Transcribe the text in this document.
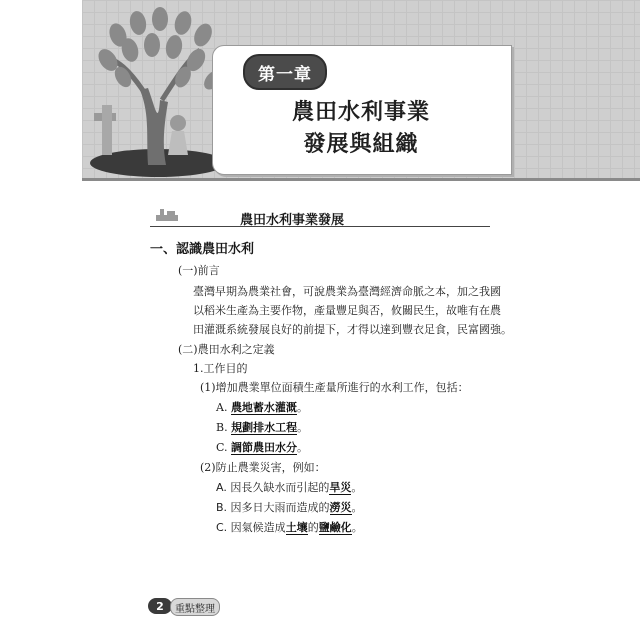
第一章
農田水利事業
發展與組織
農田水利事業發展
一、認識農田水利
(一)前言
臺灣早期為農業社會，可說農業為臺灣經濟命脈之本，加之我國
以稻米生產為主要作物，產量豐足與否，攸關民生，故唯有在農
田灌溉系統發展良好的前提下，才得以達到豐衣足食，民富國強。
(二)農田水利之定義
1.工作目的
(1)增加農業單位面積生產量所進行的水利工作，包括：
A. 農地蓄水灌溉。
B. 規劃排水工程。
C. 調節農田水分。
(2)防止農業災害，例如：
A. 因長久缺水而引起的旱災。
B. 因多日大雨而造成的澇災。
C. 因氣候造成土壤的鹽鹼化。
2	重點整理
